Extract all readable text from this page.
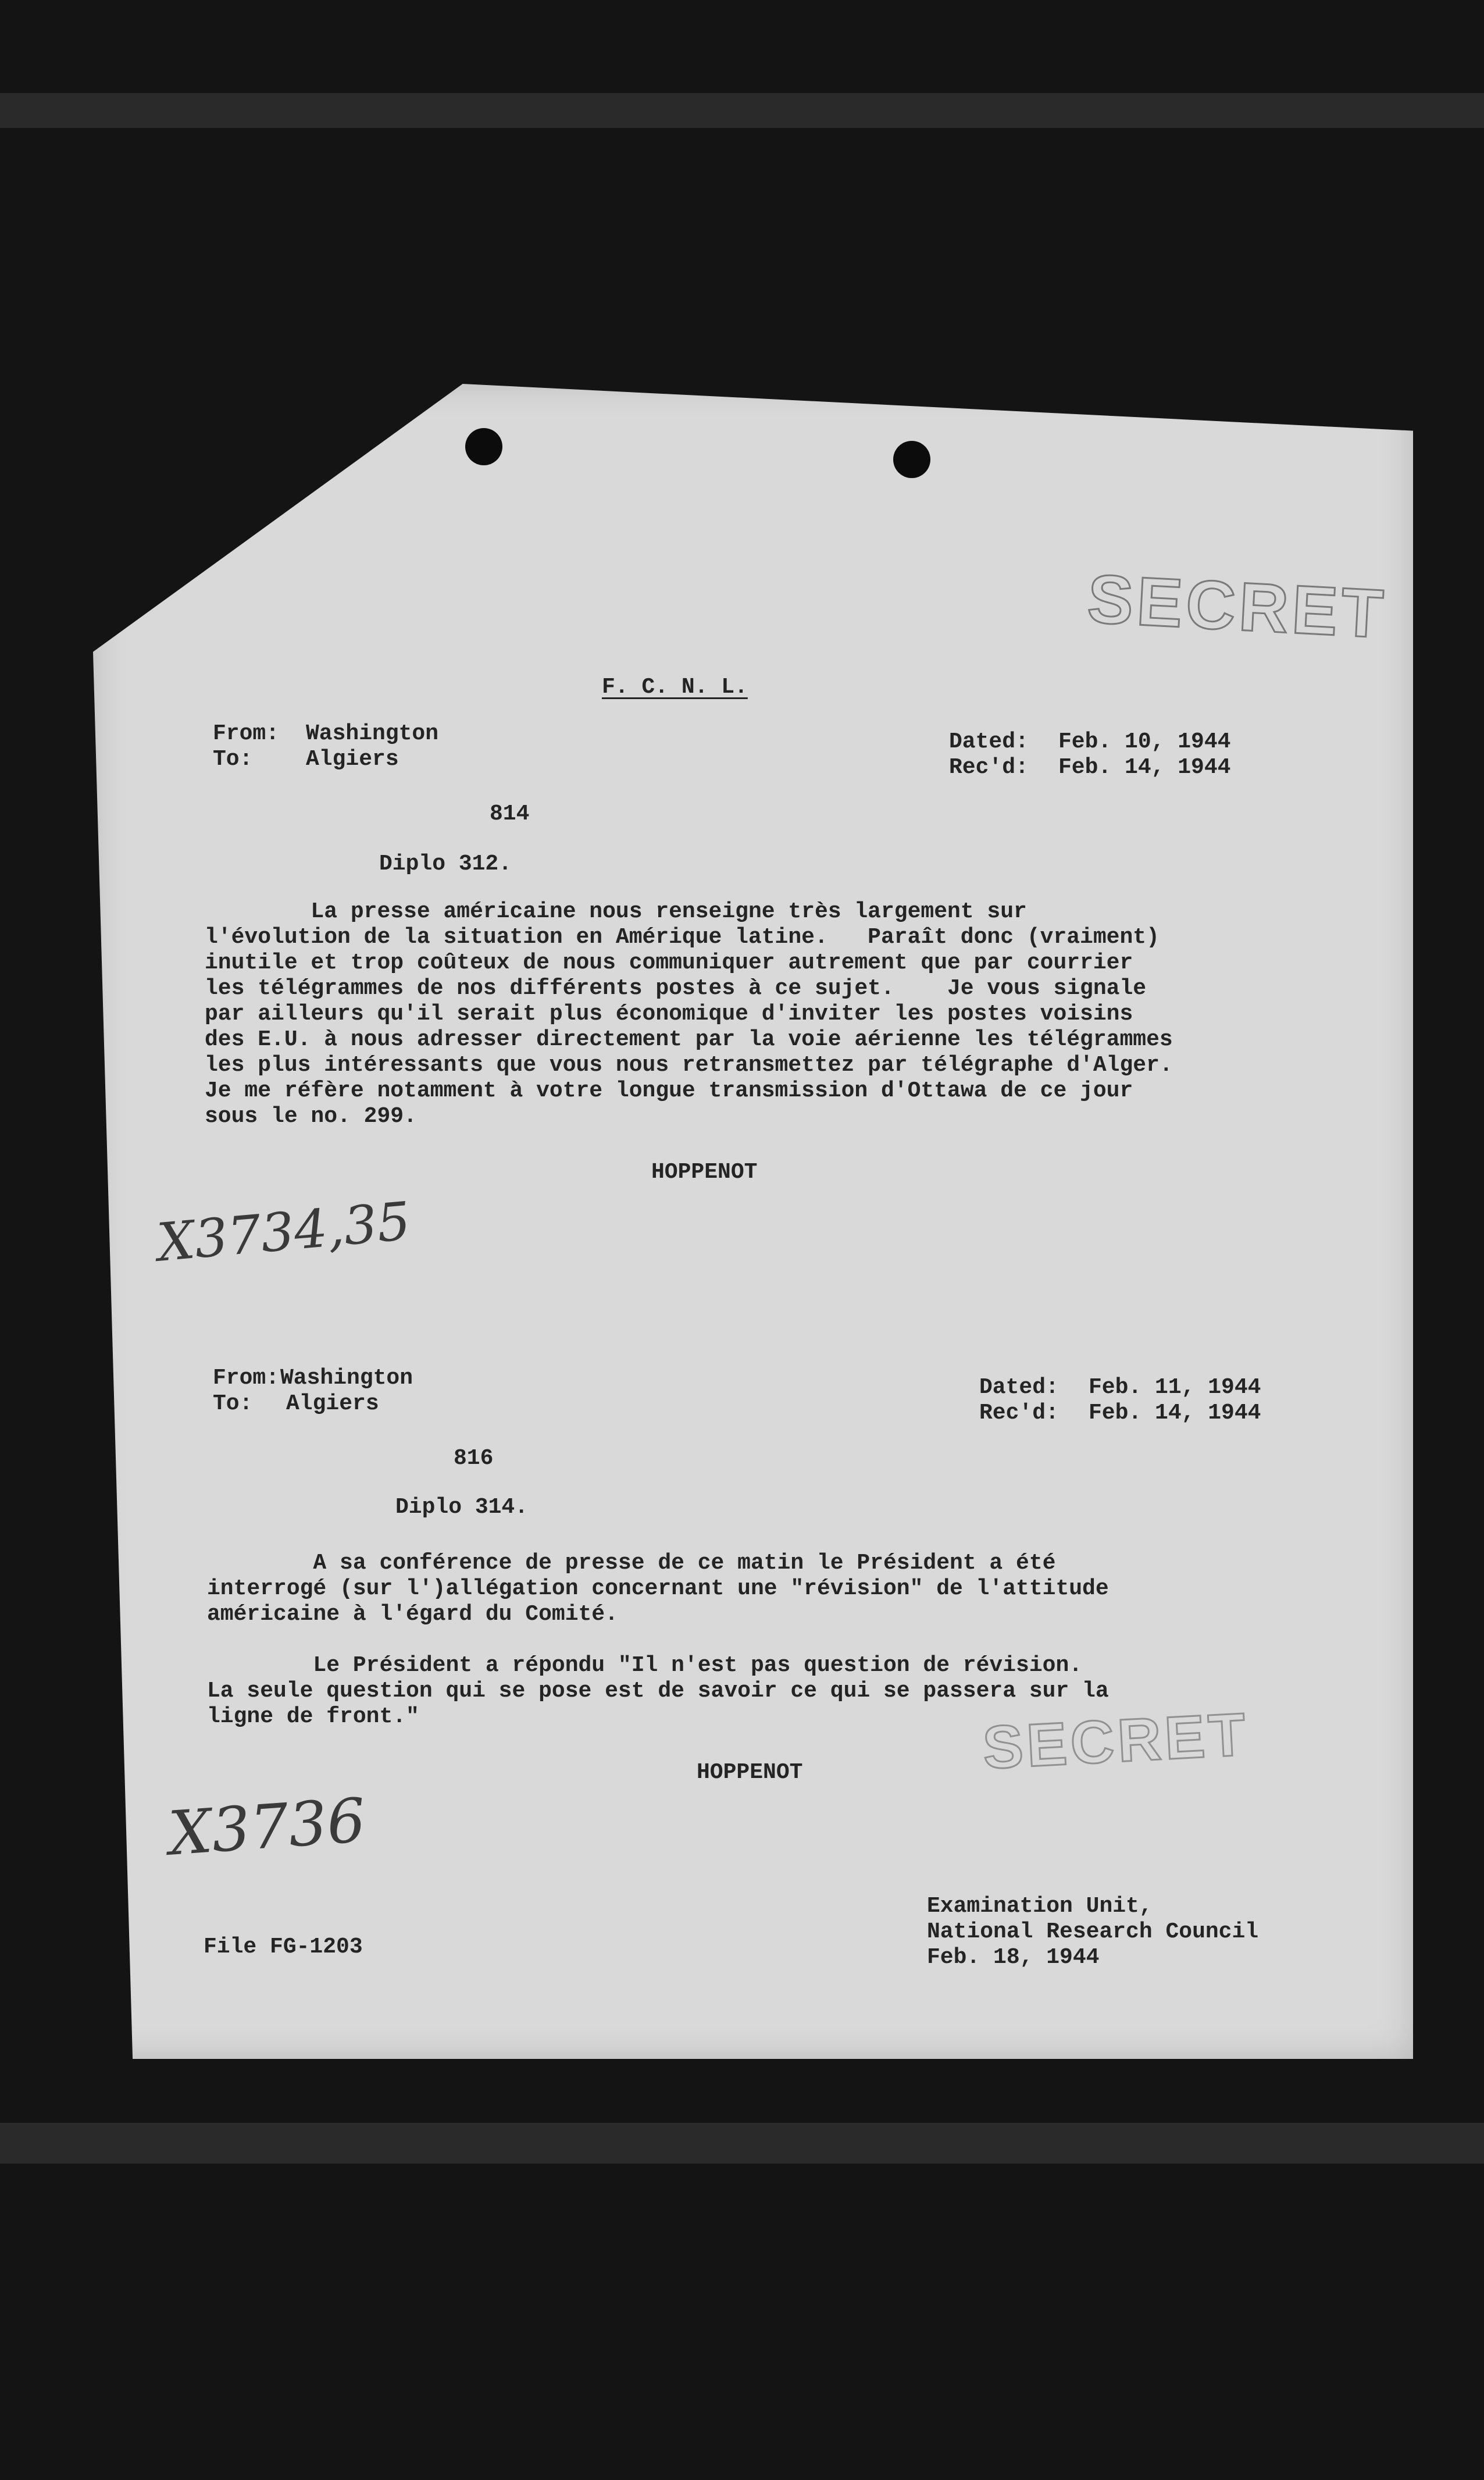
SECRET
SECRET
F. C. N. L.
From: Washington
To: Algiers
Dated: Feb. 10, 1944
Rec'd: Feb. 14, 1944
814
Diplo 312.
La presse américaine nous renseigne très largement sur
l'évolution de la situation en Amérique latine.   Paraît donc (vraiment)
inutile et trop coûteux de nous communiquer autrement que par courrier
les télégrammes de nos différents postes à ce sujet.    Je vous signale
par ailleurs qu'il serait plus économique d'inviter les postes voisins
des E.U. à nous adresser directement par la voie aérienne les télégrammes
les plus intéressants que vous nous retransmettez par télégraphe d'Alger.
Je me réfère notamment à votre longue transmission d'Ottawa de ce jour
sous le no. 299.
HOPPENOT
X3734,35
From: Washington
To: Algiers
Dated: Feb. 11, 1944
Rec'd: Feb. 14, 1944
816
Diplo 314.
A sa conférence de presse de ce matin le Président a été
interrogé (sur l')allégation concernant une "révision" de l'attitude
américaine à l'égard du Comité.
Le Président a répondu "Il n'est pas question de révision.
La seule question qui se pose est de savoir ce qui se passera sur la
ligne de front."
HOPPENOT
X3736
File FG-1203
Examination Unit,
National Research Council
Feb. 18, 1944
